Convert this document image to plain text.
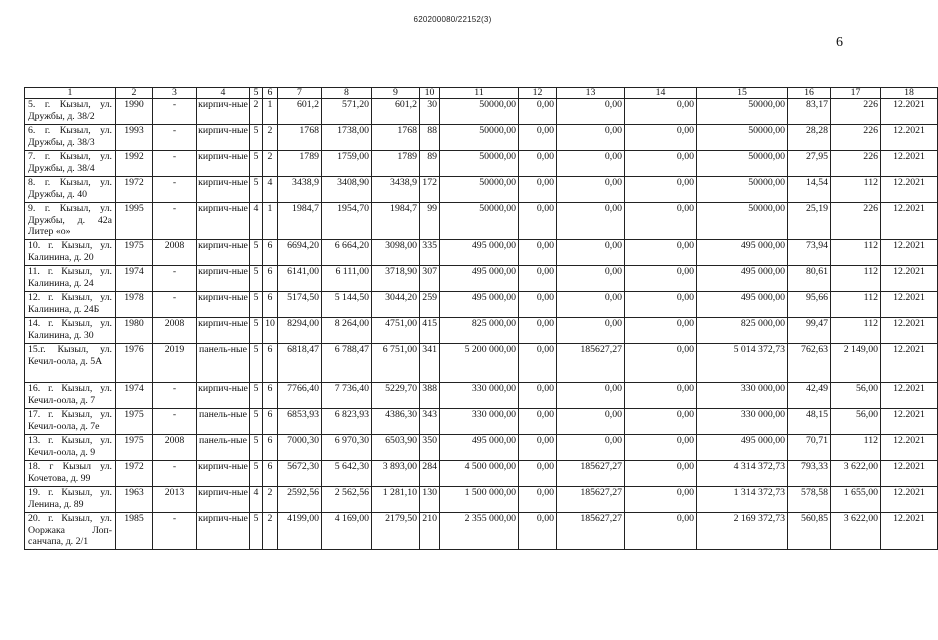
620200080/22152(3)
6
1	2	3	4	5	6	7	8	9	10	11	12	13	14	15	16	17	18
5. г. Кызыл, ул. Дружбы, д. 38/2	1990	-	кирпич-ные	2	1	601,2	571,20	601,2	30	50000,00	0,00	0,00	0,00	50000,00	83,17	226	12.2021
6. г. Кызыл, ул. Дружбы, д. 38/3	1993	-	кирпич-ные	5	2	1768	1738,00	1768	88	50000,00	0,00	0,00	0,00	50000,00	28,28	226	12.2021
7. г. Кызыл, ул. Дружбы, д. 38/4	1992	-	кирпич-ные	5	2	1789	1759,00	1789	89	50000,00	0,00	0,00	0,00	50000,00	27,95	226	12.2021
8. г. Кызыл, ул. Дружбы, д. 40	1972	-	кирпич-ные	5	4	3438,9	3408,90	3438,9	172	50000,00	0,00	0,00	0,00	50000,00	14,54	112	12.2021
9. г. Кызыл, ул. Дружбы, д. 42а Литер «о»	1995	-	кирпич-ные	4	1	1984,7	1954,70	1984,7	99	50000,00	0,00	0,00	0,00	50000,00	25,19	226	12.2021
10. г. Кызыл, ул. Калинина, д. 20	1975	2008	кирпич-ные	5	6	6694,20	6 664,20	3098,00	335	495 000,00	0,00	0,00	0,00	495 000,00	73,94	112	12.2021
11. г. Кызыл, ул. Калинина, д. 24	1974	-	кирпич-ные	5	6	6141,00	6 111,00	3718,90	307	495 000,00	0,00	0,00	0,00	495 000,00	80,61	112	12.2021
12. г. Кызыл, ул. Калинина, д. 24Б	1978	-	кирпич-ные	5	6	5174,50	5 144,50	3044,20	259	495 000,00	0,00	0,00	0,00	495 000,00	95,66	112	12.2021
14. г. Кызыл, ул. Калинина, д. 30	1980	2008	кирпич-ные	5	10	8294,00	8 264,00	4751,00	415	825 000,00	0,00	0,00	0,00	825 000,00	99,47	112	12.2021
15.г. Кызыл, ул. Кечил-оола, д. 5А	1976	2019	панель-ные	5	6	6818,47	6 788,47	6 751,00	341	5 200 000,00	0,00	185627,27	0,00	5 014 372,73	762,63	2 149,00	12.2021
16. г. Кызыл, ул. Кечил-оола, д. 7	1974	-	кирпич-ные	5	6	7766,40	7 736,40	5229,70	388	330 000,00	0,00	0,00	0,00	330 000,00	42,49	56,00	12.2021
17. г. Кызыл, ул. Кечил-оола, д. 7е	1975	-	панель-ные	5	6	6853,93	6 823,93	4386,30	343	330 000,00	0,00	0,00	0,00	330 000,00	48,15	56,00	12.2021
13. г. Кызыл, ул. Кечил-оола, д. 9	1975	2008	панель-ные	5	6	7000,30	6 970,30	6503,90	350	495 000,00	0,00	0,00	0,00	495 000,00	70,71	112	12.2021
18. г Кызыл ул. Кочетова, д. 99	1972	-	кирпич-ные	5	6	5672,30	5 642,30	3 893,00	284	4 500 000,00	0,00	185627,27	0,00	4 314 372,73	793,33	3 622,00	12.2021
19. г. Кызыл, ул. Ленина, д. 89	1963	2013	кирпич-ные	4	2	2592,56	2 562,56	1 281,10	130	1 500 000,00	0,00	185627,27	0,00	1 314 372,73	578,58	1 655,00	12.2021
20. г. Кызыл, ул. Ооржака Лоп-санчапа, д. 2/1	1985	-	кирпич-ные	5	2	4199,00	4 169,00	2179,50	210	2 355 000,00	0,00	185627,27	0,00	2 169 372,73	560,85	3 622,00	12.2021
